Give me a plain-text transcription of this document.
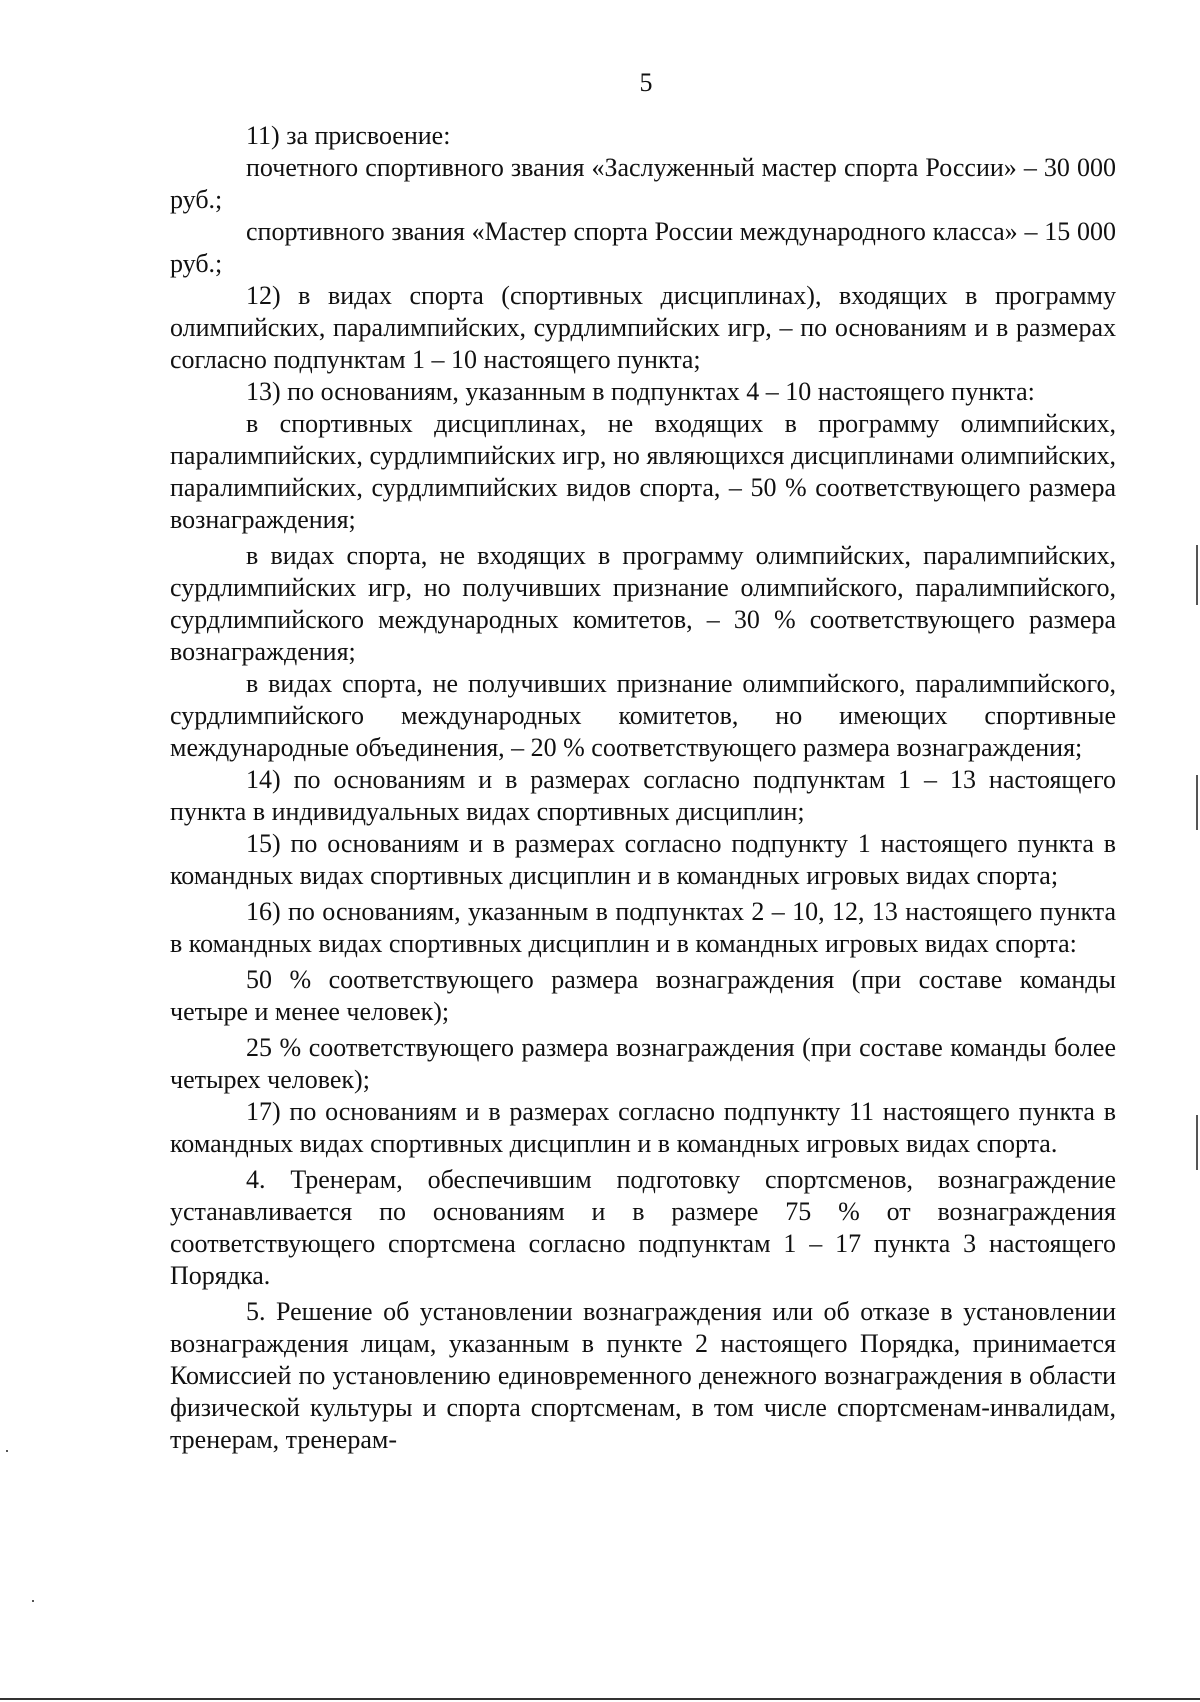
5

11) за присвоение:

почетного спортивного звания «Заслуженный мастер спорта России» – 30 000 руб.;

спортивного звания «Мастер спорта России международного класса» – 15 000 руб.;

12) в видах спорта (спортивных дисциплинах), входящих в программу олимпийских, паралимпийских, сурдлимпийских игр, – по основаниям и в размерах согласно подпунктам 1 – 10 настоящего пункта;

13) по основаниям, указанным в подпунктах 4 – 10 настоящего пункта:

в спортивных дисциплинах, не входящих в программу олимпийских, паралимпийских, сурдлимпийских игр, но являющихся дисциплинами олимпийских, паралимпийских, сурдлимпийских видов спорта, – 50 % соответствующего размера вознаграждения;

в видах спорта, не входящих в программу олимпийских, паралимпийских, сурдлимпийских игр, но получивших признание олимпийского, паралимпийского, сурдлимпийского международных комитетов, – 30 % соответствующего размера вознаграждения;

в видах спорта, не получивших признание олимпийского, паралимпийского, сурдлимпийского международных комитетов, но имеющих спортивные международные объединения, – 20 % соответствующего размера вознаграждения;

14) по основаниям и в размерах согласно подпунктам 1 – 13 настоящего пункта в индивидуальных видах спортивных дисциплин;

15) по основаниям и в размерах согласно подпункту 1 настоящего пункта в командных видах спортивных дисциплин и в командных игровых видах спорта;

16) по основаниям, указанным в подпунктах 2 – 10, 12, 13 настоящего пункта в командных видах спортивных дисциплин и в командных игровых видах спорта:

50 % соответствующего размера вознаграждения (при составе команды четыре и менее человек);

25 % соответствующего размера вознаграждения (при составе команды более четырех человек);

17) по основаниям и в размерах согласно подпункту 11 настоящего пункта в командных видах спортивных дисциплин и в командных игровых видах спорта.

4. Тренерам, обеспечившим подготовку спортсменов, вознаграждение устанавливается по основаниям и в размере 75 % от вознаграждения соответствующего спортсмена согласно подпунктам 1 – 17 пункта 3 настоящего Порядка.

5. Решение об установлении вознаграждения или об отказе в установлении вознаграждения лицам, указанным в пункте 2 настоящего Порядка, принимается Комиссией по установлению единовременного денежного вознаграждения в области физической культуры и спорта спортсменам, в том числе спортсменам-инвалидам, тренерам, тренерам-
